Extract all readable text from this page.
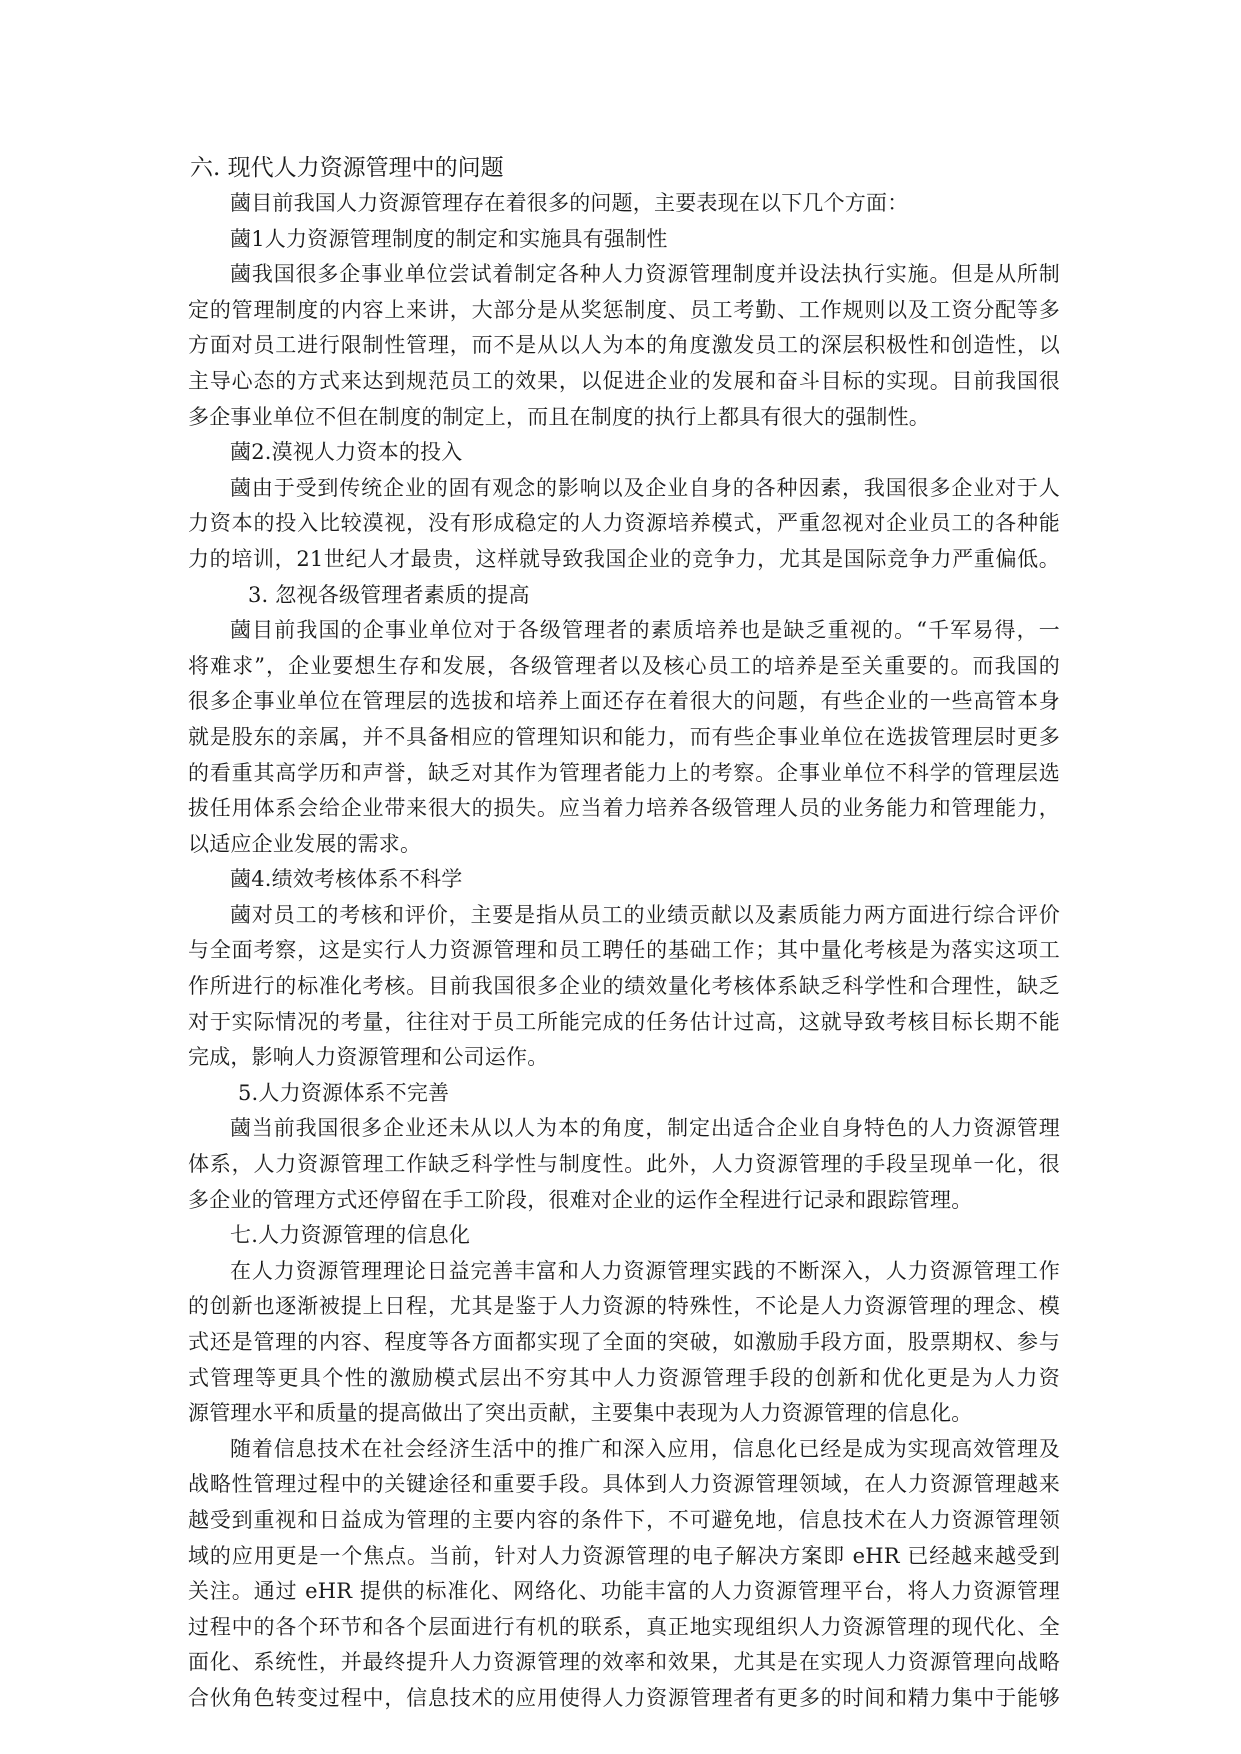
六. 现代人力资源管理中的问题
蔮目前我国人力资源管理存在着很多的问题，主要表现在以下几个方面：
蔮1人力资源管理制度的制定和实施具有强制性
蔮我国很多企事业单位尝试着制定各种人力资源管理制度并设法执行实施。但是从所制
定的管理制度的内容上来讲，大部分是从奖惩制度、员工考勤、工作规则以及工资分配等多
方面对员工进行限制性管理，而不是从以人为本的角度激发员工的深层积极性和创造性，以
主导心态的方式来达到规范员工的效果，以促进企业的发展和奋斗目标的实现。目前我国很
多企事业单位不但在制度的制定上，而且在制度的执行上都具有很大的强制性。
蔮2.漠视人力资本的投入
蔮由于受到传统企业的固有观念的影响以及企业自身的各种因素，我国很多企业对于人
力资本的投入比较漠视，没有形成稳定的人力资源培养模式，严重忽视对企业员工的各种能
力的培训，21世纪人才最贵，这样就导致我国企业的竞争力，尤其是国际竞争力严重偏低。
3. 忽视各级管理者素质的提高
蔮目前我国的企事业单位对于各级管理者的素质培养也是缺乏重视的。“千军易得，一
将难求”，企业要想生存和发展，各级管理者以及核心员工的培养是至关重要的。而我国的
很多企事业单位在管理层的选拔和培养上面还存在着很大的问题，有些企业的一些高管本身
就是股东的亲属，并不具备相应的管理知识和能力，而有些企事业单位在选拔管理层时更多
的看重其高学历和声誉，缺乏对其作为管理者能力上的考察。企事业单位不科学的管理层选
拔任用体系会给企业带来很大的损失。应当着力培养各级管理人员的业务能力和管理能力，
以适应企业发展的需求。
蔮4.绩效考核体系不科学
蔮对员工的考核和评价，主要是指从员工的业绩贡献以及素质能力两方面进行综合评价
与全面考察，这是实行人力资源管理和员工聘任的基础工作；其中量化考核是为落实这项工
作所进行的标准化考核。目前我国很多企业的绩效量化考核体系缺乏科学性和合理性，缺乏
对于实际情况的考量，往往对于员工所能完成的任务估计过高，这就导致考核目标长期不能
完成，影响人力资源管理和公司运作。
5.人力资源体系不完善
蔮当前我国很多企业还未从以人为本的角度，制定出适合企业自身特色的人力资源管理
体系，人力资源管理工作缺乏科学性与制度性。此外，人力资源管理的手段呈现单一化，很
多企业的管理方式还停留在手工阶段，很难对企业的运作全程进行记录和跟踪管理。
七.人力资源管理的信息化
在人力资源管理理论日益完善丰富和人力资源管理实践的不断深入，人力资源管理工作
的创新也逐渐被提上日程，尤其是鉴于人力资源的特殊性，不论是人力资源管理的理念、模
式还是管理的内容、程度等各方面都实现了全面的突破，如激励手段方面，股票期权、参与
式管理等更具个性的激励模式层出不穷其中人力资源管理手段的创新和优化更是为人力资
源管理水平和质量的提高做出了突出贡献，主要集中表现为人力资源管理的信息化。
随着信息技术在社会经济生活中的推广和深入应用，信息化已经是成为实现高效管理及
战略性管理过程中的关键途径和重要手段。具体到人力资源管理领域，在人力资源管理越来
越受到重视和日益成为管理的主要内容的条件下，不可避免地，信息技术在人力资源管理领
域的应用更是一个焦点。当前，针对人力资源管理的电子解决方案即 eHR 已经越来越受到
关注。通过 eHR 提供的标准化、网络化、功能丰富的人力资源管理平台，将人力资源管理
过程中的各个环节和各个层面进行有机的联系，真正地实现组织人力资源管理的现代化、全
面化、系统性，并最终提升人力资源管理的效率和效果，尤其是在实现人力资源管理向战略
合伙角色转变过程中，信息技术的应用使得人力资源管理者有更多的时间和精力集中于能够
